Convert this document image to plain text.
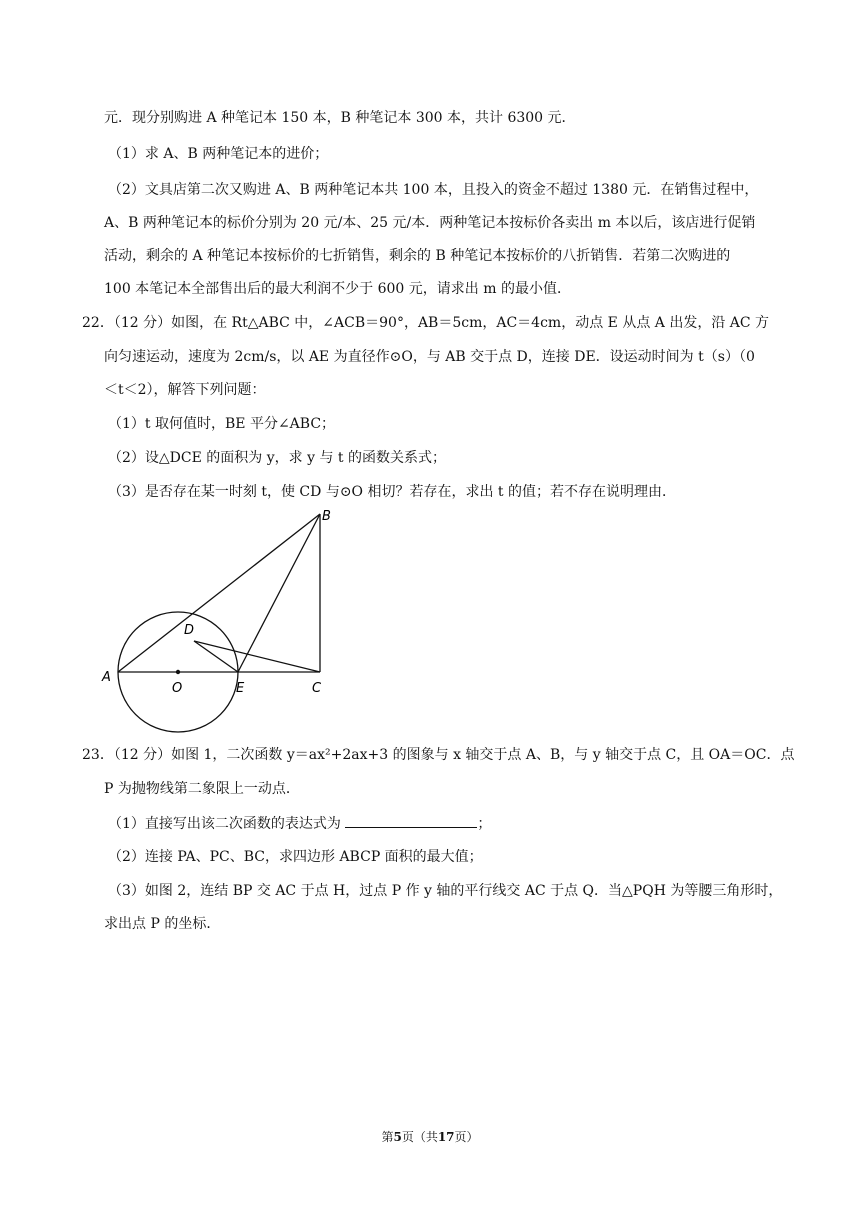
元．现分别购进 A 种笔记本 150 本，B 种笔记本 300 本，共计 6300 元．
（1）求 A、B 两种笔记本的进价；
（2）文具店第二次又购进 A、B 两种笔记本共 100 本，且投入的资金不超过 1380 元．在销售过程中，
A、B 两种笔记本的标价分别为 20 元/本、25 元/本．两种笔记本按标价各卖出 m 本以后，该店进行促销
活动，剩余的 A 种笔记本按标价的七折销售，剩余的 B 种笔记本按标价的八折销售．若第二次购进的
100 本笔记本全部售出后的最大利润不少于 600 元，请求出 m 的最小值．
22．（12 分）如图，在 Rt△ABC 中，∠ACB＝90°，AB＝5cm，AC＝4cm，动点 E 从点 A 出发，沿 AC 方
向匀速运动，速度为 2cm/s，以 AE 为直径作⊙O，与 AB 交于点 D，连接 DE．设运动时间为 t（s）（0
＜t＜2），解答下列问题：
（1）t 取何值时，BE 平分∠ABC；
（2）设△DCE 的面积为 y，求 y 与 t 的函数关系式；
（3）是否存在某一时刻 t，使 CD 与⊙O 相切？若存在，求出 t 的值；若不存在说明理由．
A
O	E	C
D
B
23．（12 分）如图 1，二次函数 y＝ax²+2ax+3 的图象与 x 轴交于点 A、B，与 y 轴交于点 C，且 OA＝OC．点
P 为抛物线第二象限上一动点．
（1）直接写出该二次函数的表达式为	；
（2）连接 PA、PC、BC，求四边形 ABCP 面积的最大值；
（3）如图 2，连结 BP 交 AC 于点 H，过点 P 作 y 轴的平行线交 AC 于点 Q．当△PQH 为等腰三角形时，
求出点 P 的坐标．
第5页（共17页）
